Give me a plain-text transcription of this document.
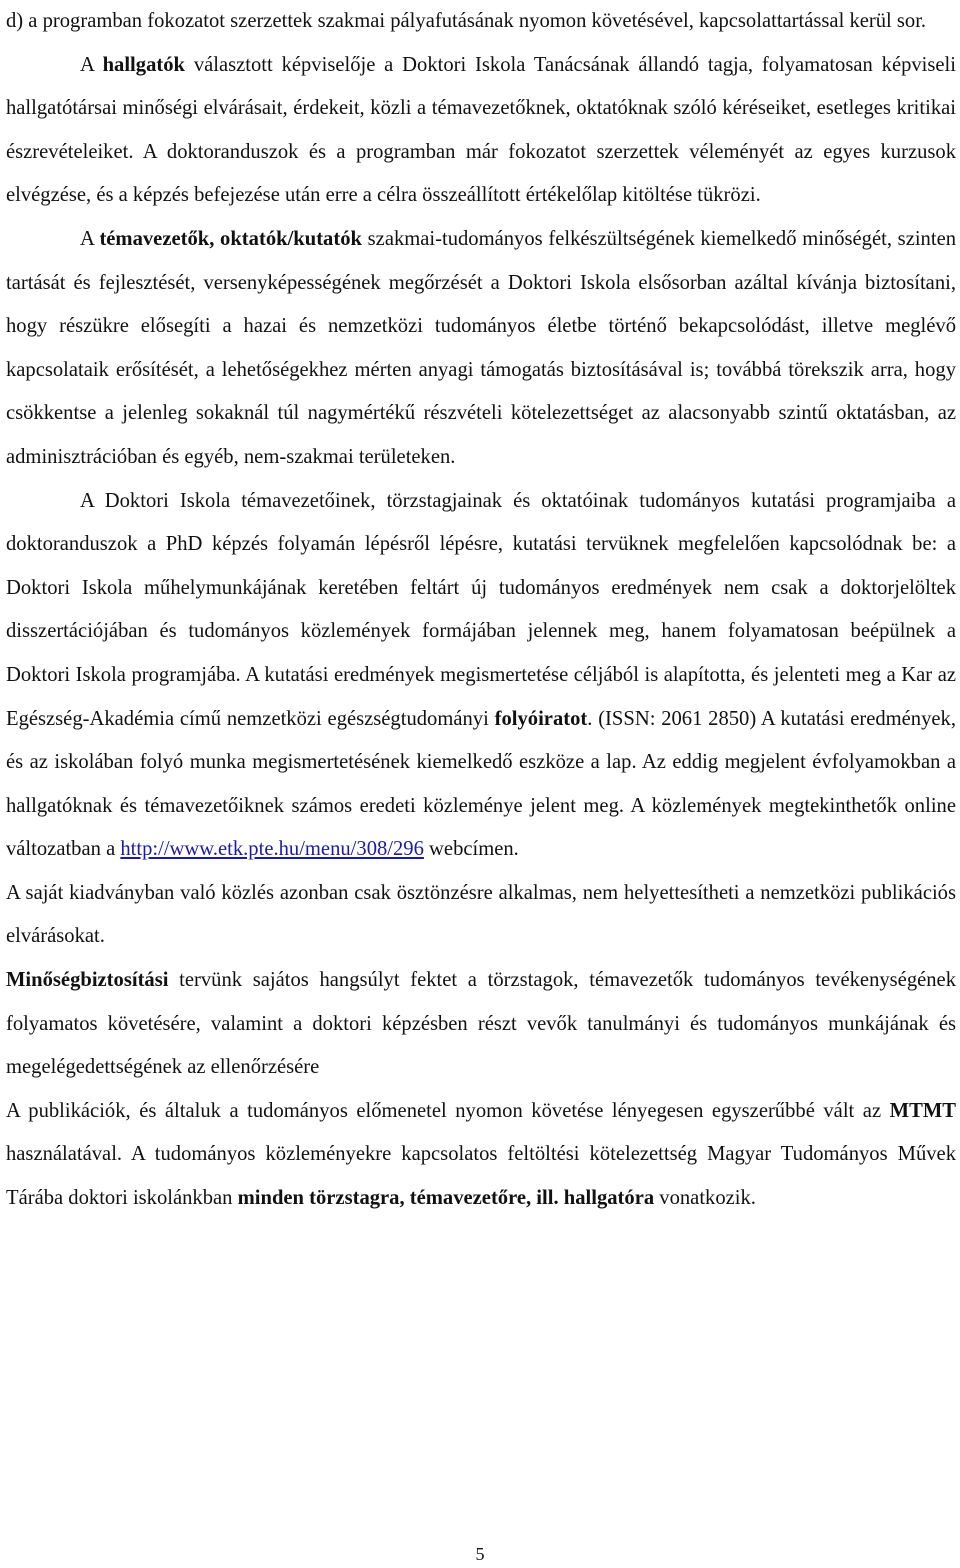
d) a programban fokozatot szerzettek szakmai pályafutásának nyomon követésével, kapcsolattartással kerül sor.

A hallgatók választott képviselője a Doktori Iskola Tanácsának állandó tagja, folyamatosan képviseli hallgatótársai minőségi elvárásait, érdekeit, közli a témavezetőknek, oktatóknak szóló kéréseiket, esetleges kritikai észrevételeiket. A doktoranduszok és a programban már fokozatot szerzettek véleményét az egyes kurzusok elvégzése, és a képzés befejezése után erre a célra összeállított értékelőlap kitöltése tükrözi.

A témavezetők, oktatók/kutatók szakmai-tudományos felkészültségének kiemelkedő minőségét, szinten tartását és fejlesztését, versenyképességének megőrzését a Doktori Iskola elsősorban azáltal kívánja biztosítani, hogy részükre elősegíti a hazai és nemzetközi tudományos életbe történő bekapcsolódást, illetve meglévő kapcsolataik erősítését, a lehetőségekhez mérten anyagi támogatás biztosításával is; továbbá törekszik arra, hogy csökkentse a jelenleg sokaknál túl nagymértékű részvételi kötelezettséget az alacsonyabb szintű oktatásban, az adminisztrációban és egyéb, nem-szakmai területeken.

A Doktori Iskola témavezetőinek, törzstagjainak és oktatóinak tudományos kutatási programjaiba a doktoranduszok a PhD képzés folyamán lépésről lépésre, kutatási tervüknek megfelelően kapcsolódnak be: a Doktori Iskola műhelymunkájának keretében feltárt új tudományos eredmények nem csak a doktorjelöltek disszertációjában és tudományos közlemények formájában jelennek meg, hanem folyamatosan beépülnek a Doktori Iskola programjába. A kutatási eredmények megismertetése céljából is alapította, és jelenteti meg a Kar az Egészség-Akadémia című nemzetközi egészségtudományi folyóiratot. (ISSN: 2061 2850) A kutatási eredmények, és az iskolában folyó munka megismertetésének kiemelkedő eszköze a lap. Az eddig megjelent évfolyamokban a hallgatóknak és témavezetőiknek számos eredeti közleménye jelent meg. A közlemények megtekinthetők online változatban a http://www.etk.pte.hu/menu/308/296 webcímen.

A saját kiadványban való közlés azonban csak ösztönzésre alkalmas, nem helyettesítheti a nemzetközi publikációs elvárásokat.

Minőségbiztosítási tervünk sajátos hangsúlyt fektet a törzstagok, témavezetők tudományos tevékenységének folyamatos követésére, valamint a doktori képzésben részt vevők tanulmányi és tudományos munkájának és megelégedettségének az ellenőrzésére

A publikációk, és általuk a tudományos előmenetel nyomon követése lényegesen egyszerűbbé vált az MTMT használatával. A tudományos közleményekre kapcsolatos feltöltési kötelezettség Magyar Tudományos Művek Tárába doktori iskolánkban minden törzstagra, témavezetőre, ill. hallgatóra vonatkozik.

5
